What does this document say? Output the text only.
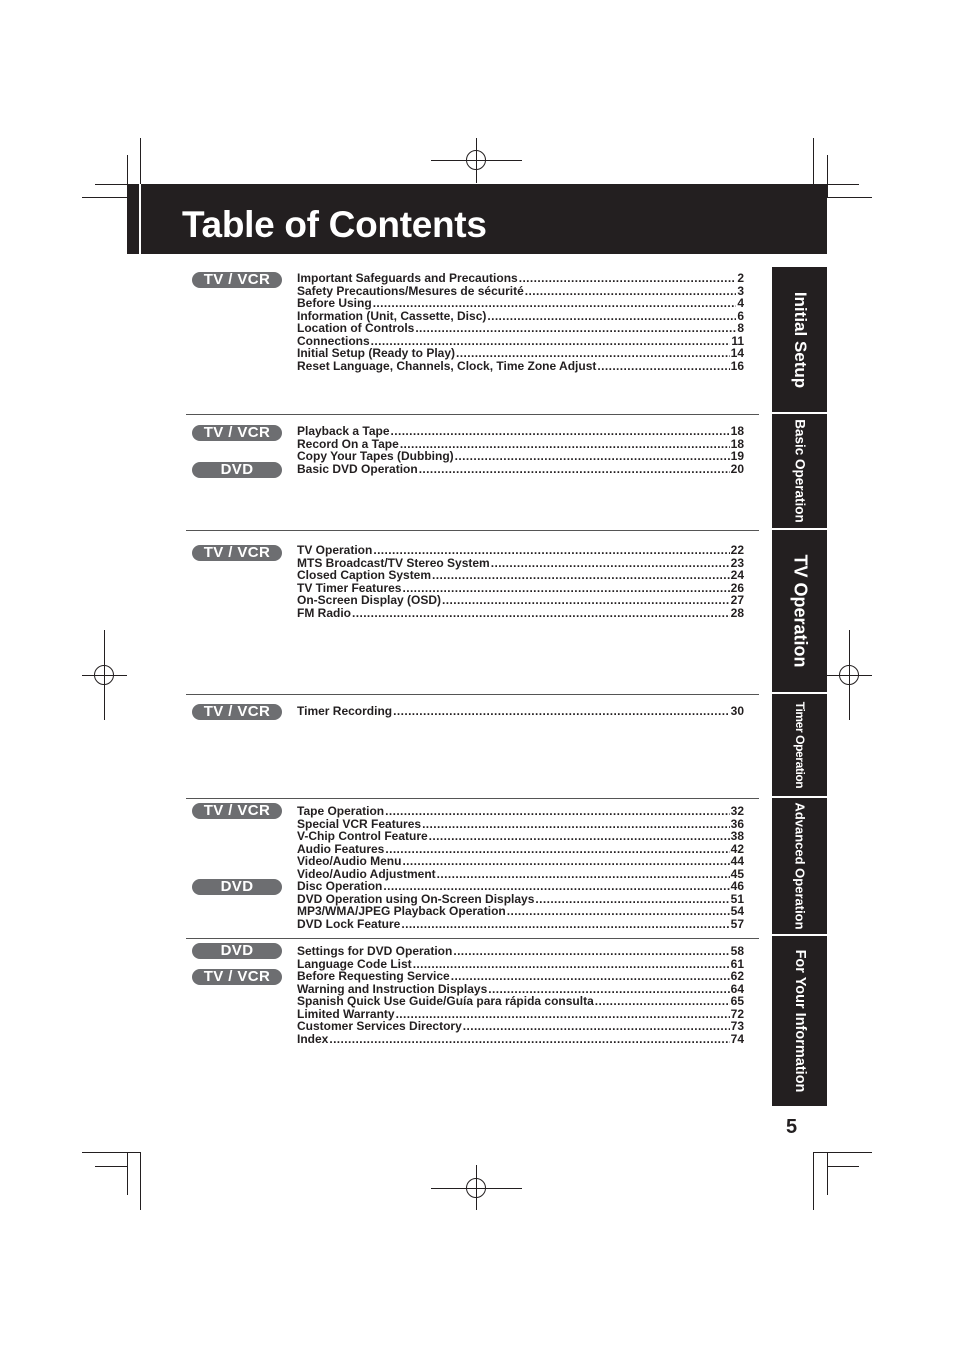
Table of Contents
TV / VCR
TV / VCR
DVD
TV / VCR
TV / VCR
TV / VCR
DVD
DVD
TV / VCR
Important Safeguards and Precautions .....	2
Safety Precautions/Mesures de sécurité .....	3
Before Using .....	4
Information (Unit, Cassette, Disc) .....	6
Location of Controls .....	8
Connections .....	11
Initial Setup (Ready to Play) .....	14
Reset Language, Channels, Clock, Time Zone Adjust .....	16
Playback a Tape .....	18
Record On a Tape .....	18
Copy Your Tapes (Dubbing) .....	19
Basic DVD Operation .....	20
TV Operation .....	22
MTS Broadcast/TV Stereo System .....	23
Closed Caption System .....	24
TV Timer Features .....	26
On-Screen Display (OSD) .....	27
FM Radio .....	28
Timer Recording .....	30
Tape Operation .....	32
Special VCR Features .....	36
V-Chip Control Feature .....	38
Audio Features .....	42
Video/Audio Menu .....	44
Video/Audio Adjustment .....	45
Disc Operation .....	46
DVD Operation using On-Screen Displays .....	51
MP3/WMA/JPEG Playback Operation .....	54
DVD Lock Feature .....	57
Settings for DVD Operation .....	58
Language Code List .....	61
Before Requesting Service .....	62
Warning and Instruction Displays .....	64
Spanish Quick Use Guide/Guía para rápida consulta .....	65
Limited Warranty .....	72
Customer Services Directory .....	73
Index .....	74
Initial Setup
Basic Operation
TV Operation
Timer Operation
Advanced Operation
For Your Information
5
